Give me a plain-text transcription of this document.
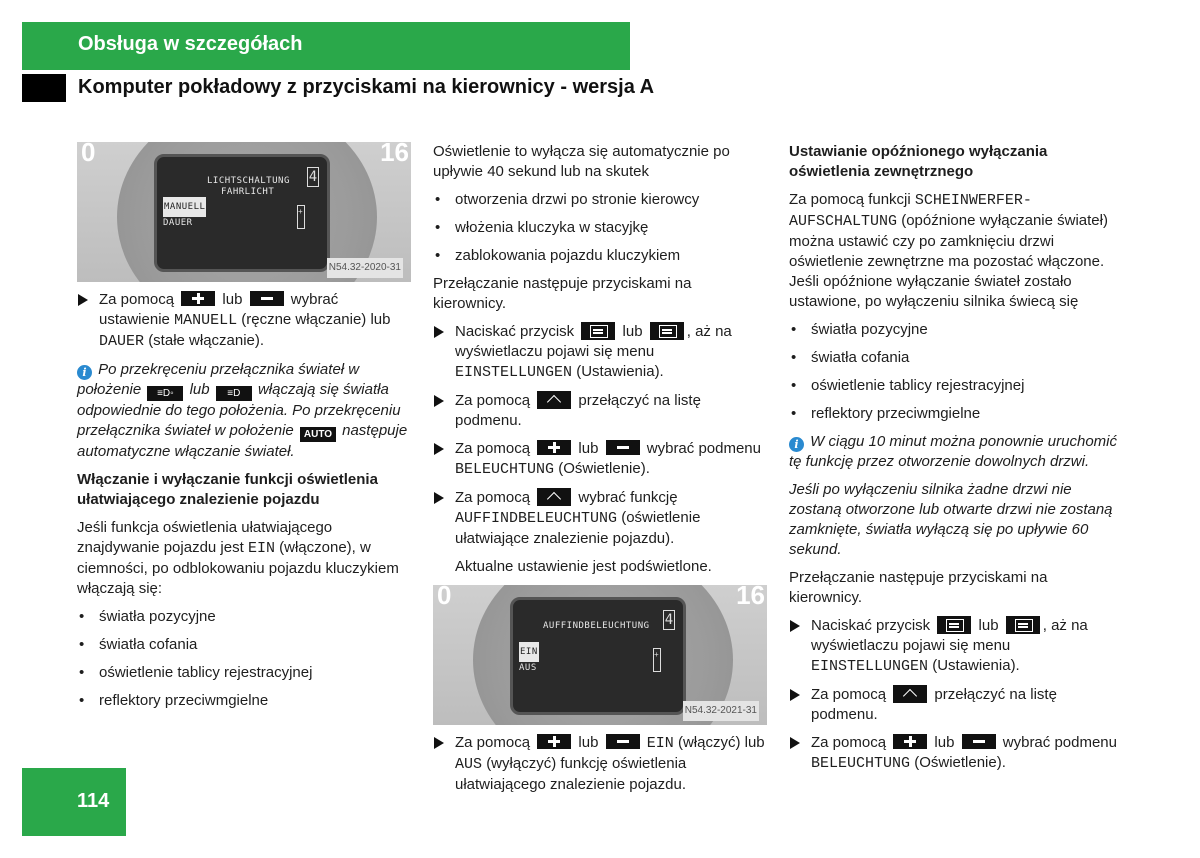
Obsługa w szczegółach
Komputer pokładowy z przyciskami na kierownicy - wersja A
0	16
LICHTSCHALTUNG
FAHRLICHT
MANUELL
DAUER
4
+
N54.32-2020-31
Za pomocą	lub	wybrać ustawienie MANUELL (ręczne włączanie) lub DAUER (stałe włączanie).
i Po przekręceniu przełącznika świateł w położenie ≡D◦ lub ≡D włączają się światła odpowiednie do tego położenia. Po przekręceniu przełącznika świateł w położenie AUTO następuje automatyczne włączanie świateł.
Włączanie i wyłączanie funkcji oświetlenia ułatwiającego znalezienie pojazdu

Jeśli funkcja oświetlenia ułatwiającego znajdywanie pojazdu jest EIN (włączone), w ciemności, po odblokowaniu pojazdu kluczykiem włączają się:

• światła pozycyjne
• światła cofania
• oświetlenie tablicy rejestracyjnej
• reflektory przeciwmgielne

Oświetlenie to wyłącza się automatycznie po upływie 40 sekund lub na skutek

• otworzenia drzwi po stronie kierowcy
• włożenia kluczyka w stacyjkę
• zablokowania pojazdu kluczykiem

Przełączanie następuje przyciskami na kierownicy.

Naciskać przycisk	lub	, aż na wyświetlaczu pojawi się menu EINSTELLUNGEN (Ustawienia).
Za pomocą	przełączyć na listę podmenu.
Za pomocą	lub	wybrać podmenu BELEUCHTUNG (Oświetlenie).
Za pomocą	wybrać funkcję AUFFINDBELEUCHTUNG (oświetlenie ułatwiające znalezienie pojazdu).
Aktualne ustawienie jest podświetlone.
0	16
AUFFINDBELEUCHTUNG
EIN
AUS
4
+
N54.32-2021-31
Za pomocą	lub	EIN (włączyć) lub AUS (wyłączyć) funkcję oświetlenia ułatwiającego znalezienie pojazdu.
Ustawianie opóźnionego wyłączania oświetlenia zewnętrznego

Za pomocą funkcji SCHEINWERFER-AUFSCHALTUNG (opóźnione wyłączanie świateł) można ustawić czy po zamknięciu drzwi oświetlenie zewnętrzne ma pozostać włączone. Jeśli opóźnione wyłączanie świateł zostało ustawione, po wyłączeniu silnika świecą się

• światła pozycyjne
• światła cofania
• oświetlenie tablicy rejestracyjnej
• reflektory przeciwmgielne
i W ciągu 10 minut można ponownie uruchomić tę funkcję przez otworzenie dowolnych drzwi.
Jeśli po wyłączeniu silnika żadne drzwi nie zostaną otworzone lub otwarte drzwi nie zostaną zamknięte, światła wyłączą się po upływie 60 sekund.

Przełączanie następuje przyciskami na kierownicy.

Naciskać przycisk	lub	, aż na wyświetlaczu pojawi się menu EINSTELLUNGEN (Ustawienia).
Za pomocą	przełączyć na listę podmenu.
Za pomocą	lub	wybrać podmenu BELEUCHTUNG (Oświetlenie).
114
